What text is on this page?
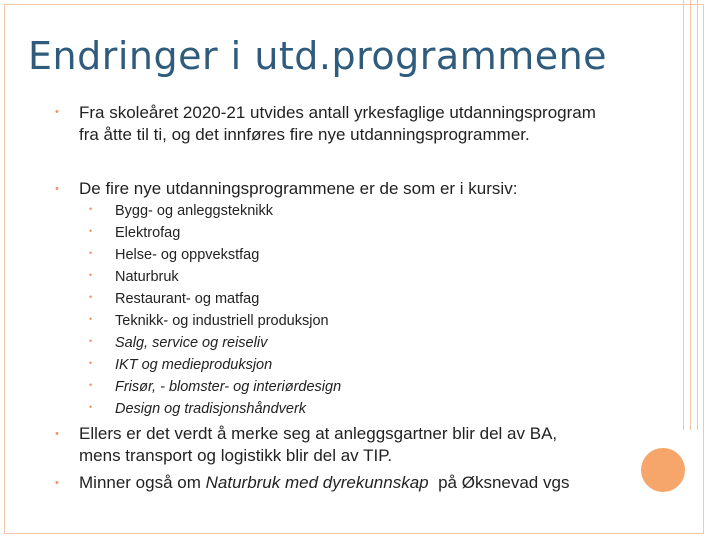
Endringer i utd.programmene
• Fra skoleåret 2020-21 utvides antall yrkesfaglige utdanningsprogram fra åtte til ti, og det innføres fire nye utdanningsprogrammer.
• De fire nye utdanningsprogrammene er de som er i kursiv:
• Bygg- og anleggsteknikk
• Elektrofag
• Helse- og oppvekstfag
• Naturbruk
• Restaurant- og matfag
• Teknikk- og industriell produksjon
• Salg, service og reiseliv
• IKT og medieproduksjon
• Frisør, - blomster- og interiørdesign
• Design og tradisjonshåndverk
• Ellers er det verdt å merke seg at anleggsgartner blir del av BA, mens transport og logistikk blir del av TIP.
• Minner også om Naturbruk med dyrekunnskap  på Øksnevad vgs
